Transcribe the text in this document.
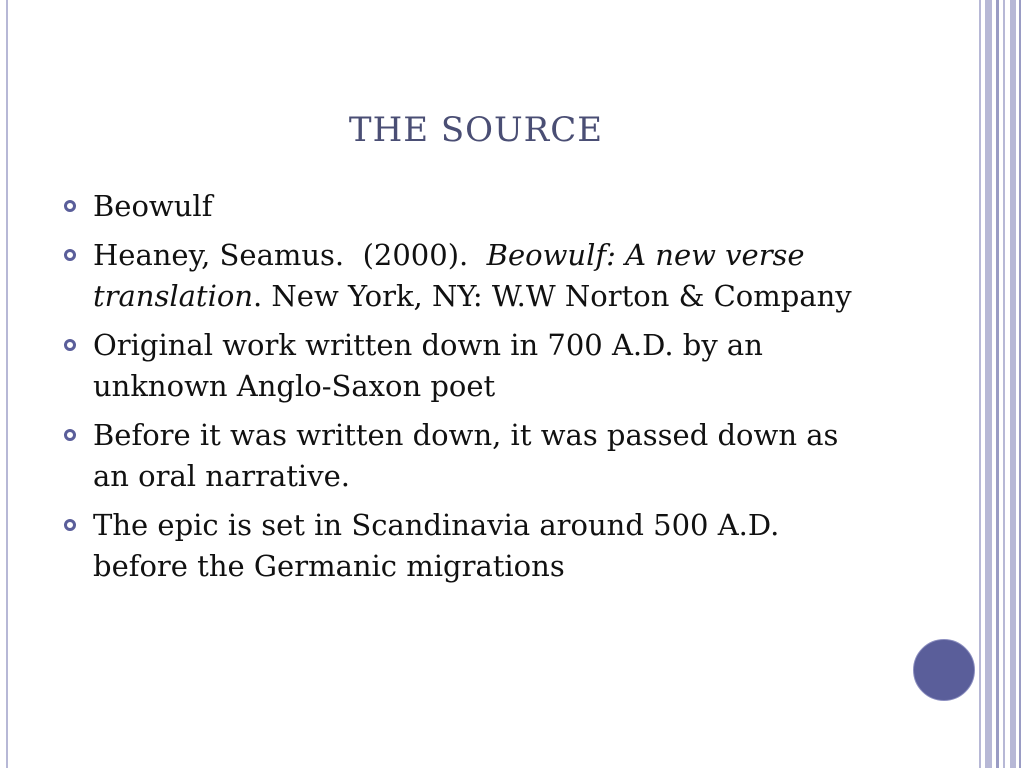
THE SOURCE
Beowulf
Heaney, Seamus.  (2000).  Beowulf: A new verse translation. New York, NY: W.W Norton & Company
Original work written down in 700 A.D. by an unknown Anglo-Saxon poet
Before it was written down, it was passed down as an oral narrative.
The epic is set in Scandinavia around 500 A.D. before the Germanic migrations
